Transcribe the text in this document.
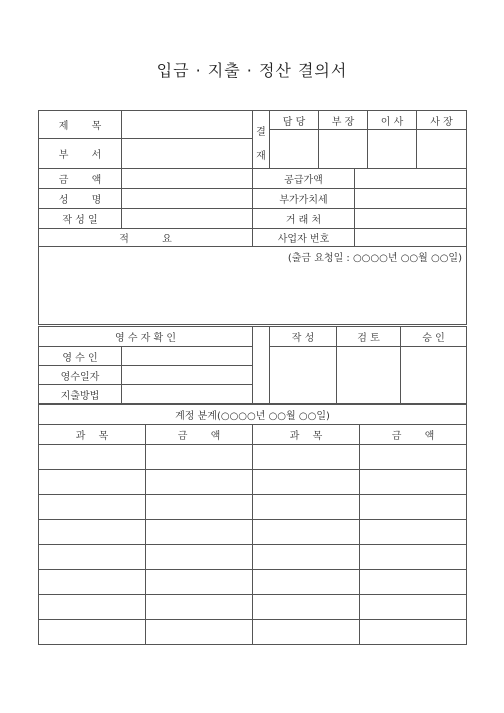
입금 · 지출 · 정산 결의서
제 　　목		결	담 당	부 장	이 사	사 장

부 　　서		재				

금 　　액		공급가액	
성 　　명		부가가치세	
작 성 일		거 래 처	
적 　　　요		사업자 번호	
(출금 요청일 : ○○○○년 ○○월 ○○일)			
영 수 자 확 인			작 성	검 토	승 인
영 수 인					
영수일자					
지출방법					
계정 분계(○○○○년 ○○월 ○○일)			
과 　목	금 　　액	과 　목	금 　　액
